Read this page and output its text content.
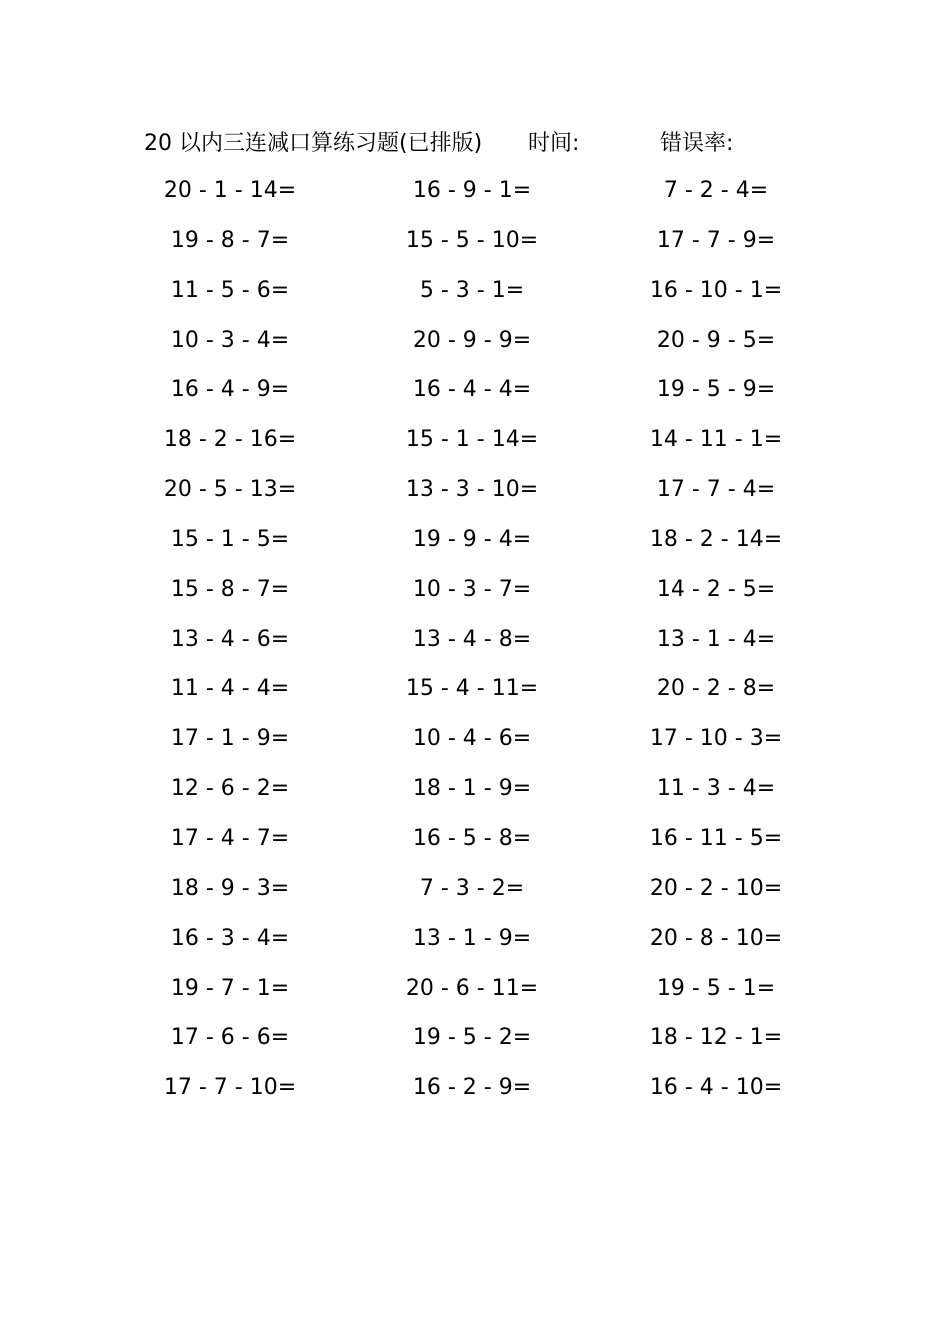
20 以内三连减口算练习题(已排版) 时间:	错误率:
20 - 1 - 14=
19 - 8 - 7=
11 - 5 - 6=
10 - 3 - 4=
16 - 4 - 9=
18 - 2 - 16=
20 - 5 - 13=
15 - 1 - 5=
15 - 8 - 7=
13 - 4 - 6=
11 - 4 - 4=
17 - 1 - 9=
12 - 6 - 2=
17 - 4 - 7=
18 - 9 - 3=
16 - 3 - 4=
19 - 7 - 1=
17 - 6 - 6=
17 - 7 - 10=
16 - 9 - 1=
15 - 5 - 10=
5 - 3 - 1=
20 - 9 - 9=
16 - 4 - 4=
15 - 1 - 14=
13 - 3 - 10=
19 - 9 - 4=
10 - 3 - 7=
13 - 4 - 8=
15 - 4 - 11=
10 - 4 - 6=
18 - 1 - 9=
16 - 5 - 8=
7 - 3 - 2=
13 - 1 - 9=
20 - 6 - 11=
19 - 5 - 2=
16 - 2 - 9=
7 - 2 - 4=
17 - 7 - 9=
16 - 10 - 1=
20 - 9 - 5=
19 - 5 - 9=
14 - 11 - 1=
17 - 7 - 4=
18 - 2 - 14=
14 - 2 - 5=
13 - 1 - 4=
20 - 2 - 8=
17 - 10 - 3=
11 - 3 - 4=
16 - 11 - 5=
20 - 2 - 10=
20 - 8 - 10=
19 - 5 - 1=
18 - 12 - 1=
16 - 4 - 10=
